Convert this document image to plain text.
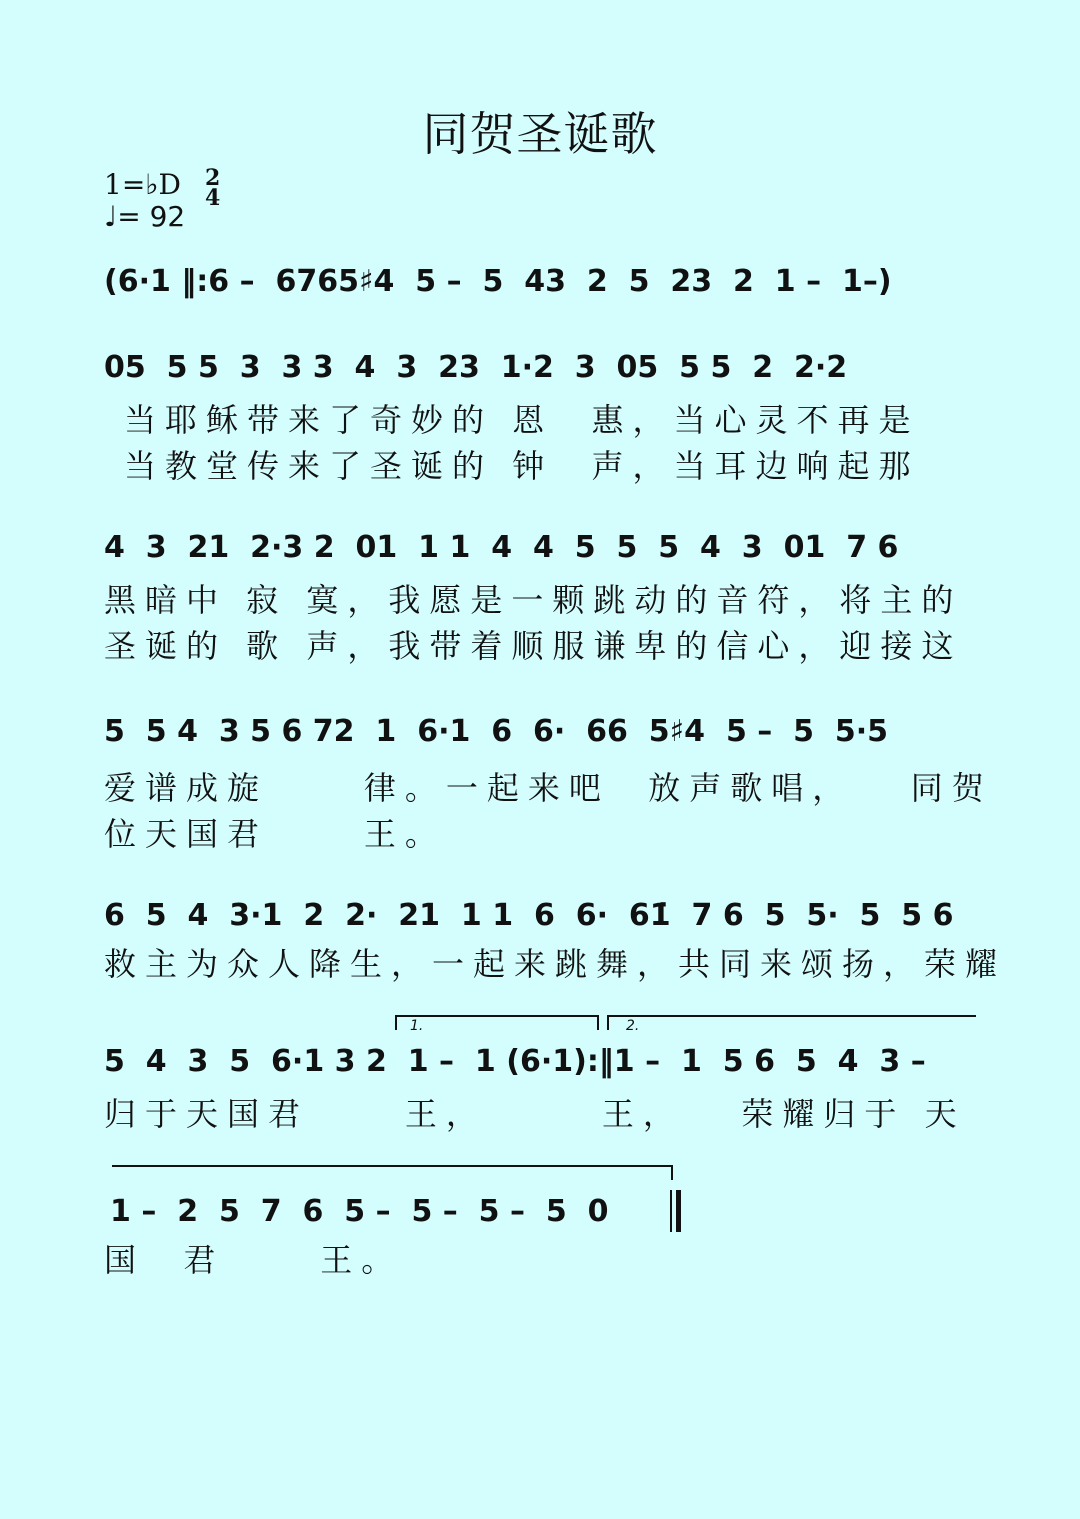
同贺圣诞歌
1=♭D 2
4
♩= 92
(6·1 ‖:6 –  6765♯4  5 –  5  43  2  5  23  2  1 –  1–)
05  5 5  3  3 3  4  3  23  1·2  3  05  5 5  2  2·2
当耶稣带来了奇妙的 恩  惠，当心灵不再是
当教堂传来了圣诞的 钟  声，当耳边响起那
4  3  21  2·3 2  01  1 1  4  4  5  5  5  4  3  01  7 6
黑暗中 寂 寞，我愿是一颗跳动的音符，将主的
圣诞的 歌 声，我带着顺服谦卑的信心，迎接这
5  5 4  3 5 6 72  1  6·1  6  6·  66  5♯4  5 –  5  5·5
爱谱成旋     律。一起来吧  放声歌唱，   同贺
位天国君     王。
6  5  4  3·1  2  2·  21  1 1  6  6·  61̇  7 6  5  5·  5  5 6
救主为众人降生，一起来跳舞，共同来颂扬，荣耀
5  4  3  5  6·1 3 2  1 –  1 (6·1):‖1 –  1  5 6  5  4  3 –
归于天国君     王，      王，   荣耀归于 天
1.	2.
1 –  2  5  7  6  5 –  5 –  5 –  5  0
国  君     王。
